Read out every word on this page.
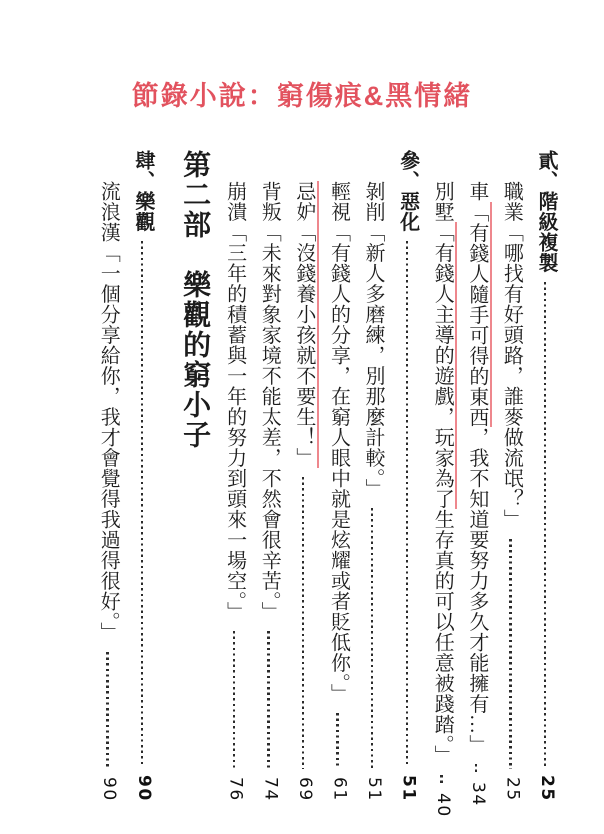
節錄小說：窮傷痕&黑情緒
貳、階級複製
25
職業「哪找有好頭路，誰麥做流氓？」
25
車「有錢人隨手可得的東西，我不知道要努力多久才能擁有…」
34
別墅「有錢人主導的遊戲，玩家為了生存真的可以任意被踐踏。」
40
參、惡化
51
剝削「新人多磨練，別那麼計較。」
51
輕視「有錢人的分享，在窮人眼中就是炫耀或者貶低你。」
61
忌妒「沒錢養小孩就不要生！」
69
背叛「未來對象家境不能太差，不然會很辛苦。」
74
崩潰「三年的積蓄與一年的努力到頭來一場空。」
76
第二部　樂觀的窮小子
肆、樂觀
90
流浪漢「一個分享給你，我才會覺得我過得很好。」
90
